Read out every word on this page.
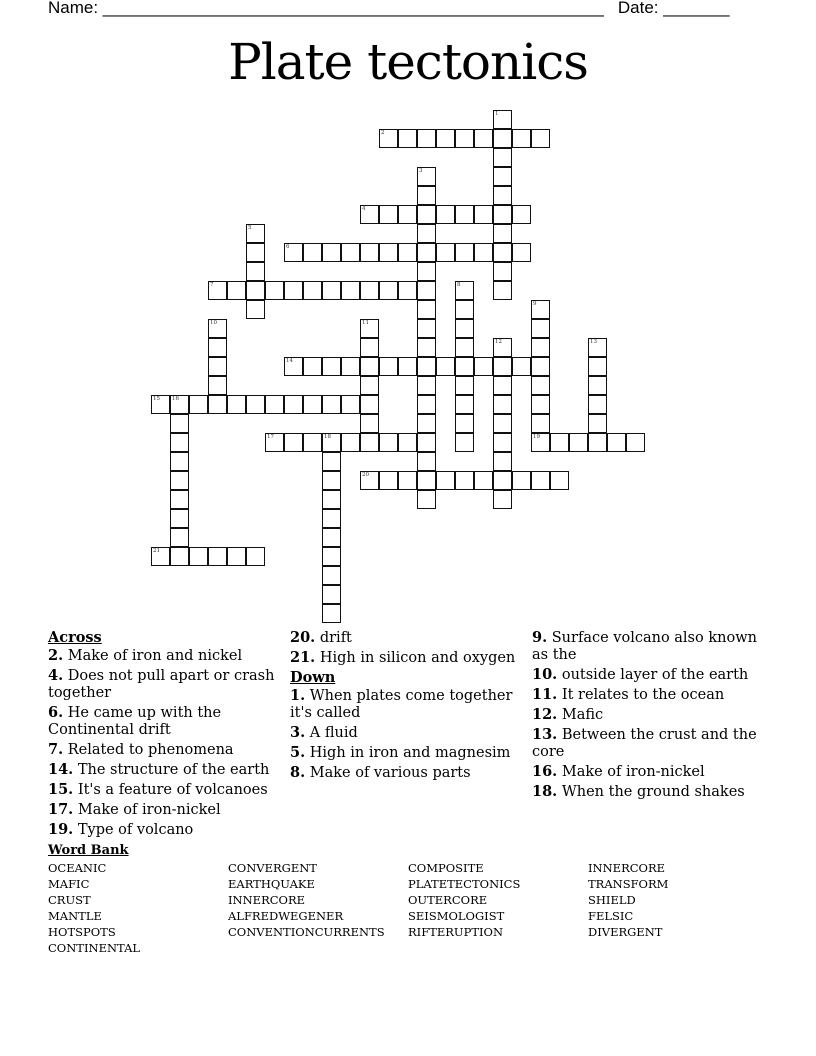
Name: _____________________________________________________ Date: _______
Plate tectonics
1
2
3
4
5
6
7	8
9
19
10	11
12	13
14
15 16
17	18
20
21
Across
2. Make of iron and nickel
4. Does not pull apart or crash together
6. He came up with the Continental drift
7. Related to phenomena
14. The structure of the earth
15. It's a feature of volcanoes
17. Make of iron-nickel
19. Type of volcano
20. drift
21. High in silicon and oxygen
Down
1. When plates come together it's called
3. A fluid
5. High in iron and magnesim
8. Make of various parts
9. Surface volcano also known as the
10. outside layer of the earth
11. It relates to the ocean
12. Mafic
13. Between the crust and the core
16. Make of iron-nickel
18. When the ground shakes
Word Bank
OCEANIC
MAFIC
CRUST
MANTLE
HOTSPOTS
CONTINENTAL
CONVERGENT
EARTHQUAKE
INNERCORE
ALFREDWEGENER
CONVENTIONCURRENTS
COMPOSITE
PLATETECTONICS
OUTERCORE
SEISMOLOGIST
RIFTERUPTION
INNERCORE
TRANSFORM
SHIELD
FELSIC
DIVERGENT
